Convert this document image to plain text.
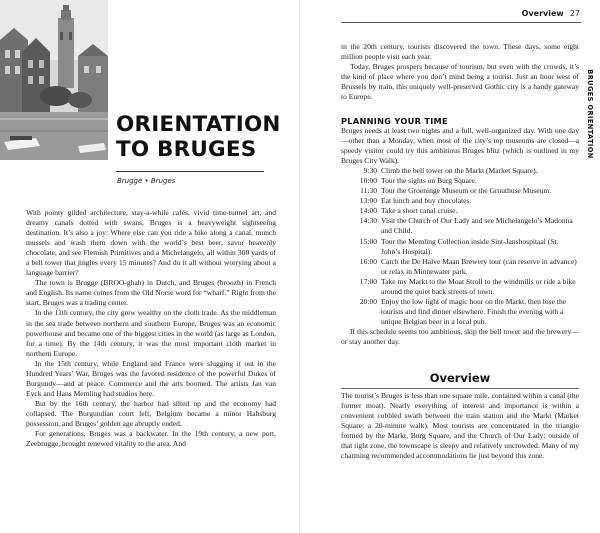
ORIENTATION

TO BRUGES

Brugge • Bruges

With pointy gilded architecture, stay-a-while cafés, vivid time-tunnel art, and dreamy canals dotted with swans, Bruges is a heavyweight sightseeing destination. It’s also a joy: Where else can you ride a bike along a canal, munch mussels and wash them down with the world’s best beer, savor heavenly chocolate, and see Flemish Primitives and a Michelangelo, all within 300 yards of a bell tower that jingles every 15 minutes? And do it all without worrying about a language barrier?

The town is Brugge (BROO-ghah) in Dutch, and Bruges (broozh) in French and English. Its name comes from the Old Norse word for “wharf.” Right from the start, Bruges was a trading center.

In the 11th century, the city grew wealthy on the cloth trade. As the middleman in the sea trade between northern and southern Europe, Bruges was an economic powerhouse and became one of the biggest cities in the world (as large as London, for a time). By the 14th century, it was the most important cloth market in northern Europe.

In the 15th century, while England and France were slugging it out in the Hundred Years’ War, Bruges was the favored residence of the powerful Dukes of Burgundy—and at peace. Commerce and the arts boomed. The artists Jan van Eyck and Hans Memling had studios here.

But by the 16th century, the harbor had silted up and the economy had collapsed. The Burgundian court left, Belgium became a minor Habsburg possession, and Bruges’ golden age abruptly ended.

For generations, Bruges was a backwater. In the 19th century, a new port, Zeebrugge, brought renewed vitality to the area. And

Overview 27
BRUGES ORIENTATION

in the 20th century, tourists discovered the town. These days, some eight million people visit each year.

Today, Bruges prospers because of tourism, but even with the crowds, it’s the kind of place where you don’t mind being a tourist. Just an hour west of Brussels by train, this uniquely well-preserved Gothic city is a handy gateway to Europe.

PLANNING YOUR TIME

Bruges needs at least two nights and a full, well-organized day. With one day—other than a Monday, when most of the city’s top museums are closed—a speedy visitor could try this ambitious Bruges blitz (which is outlined in my Bruges City Walk):

9:30 Climb the bell tower on the Markt (Market Square).
10:00 Tour the sights on Burg Square.
11:30 Tour the Groeninge Museum or the Gruuthuse Museum.
13:00 Eat lunch and buy chocolates.
14:00 Take a short canal cruise.
14:30 Visit the Church of Our Lady and see Michelangelo’s Madonna and Child.
15:00 Tour the Memling Collection inside Sint-Janshospitaal (St. John’s Hospital).
16:00 Catch the De Halve Maan Brewery tour (can reserve in advance) or relax in Minnewater park.
17:00 Take my Markt to the Moat Stroll to the windmills or ride a bike around the quiet back streets of town.
20:00 Enjoy the low light of magic hour on the Markt, then lose the tourists and find dinner elsewhere. Finish the evening with a unique Belgian beer in a local pub.

If this schedule seems too ambitious, skip the bell tower and the brewery—or stay another day.

Overview

The tourist’s Bruges is less than one square mile, contained within a canal (the former moat). Nearly everything of interest and importance is within a convenient cobbled swath between the train station and the Markt (Market Square; a 20-minute walk). Most tourists are concentrated in the triangle formed by the Markt, Burg Square, and the Church of Our Lady; outside of that tight zone, the townscape is sleepy and relatively uncrowded. Many of my charming recommended accommodations lie just beyond this zone.
